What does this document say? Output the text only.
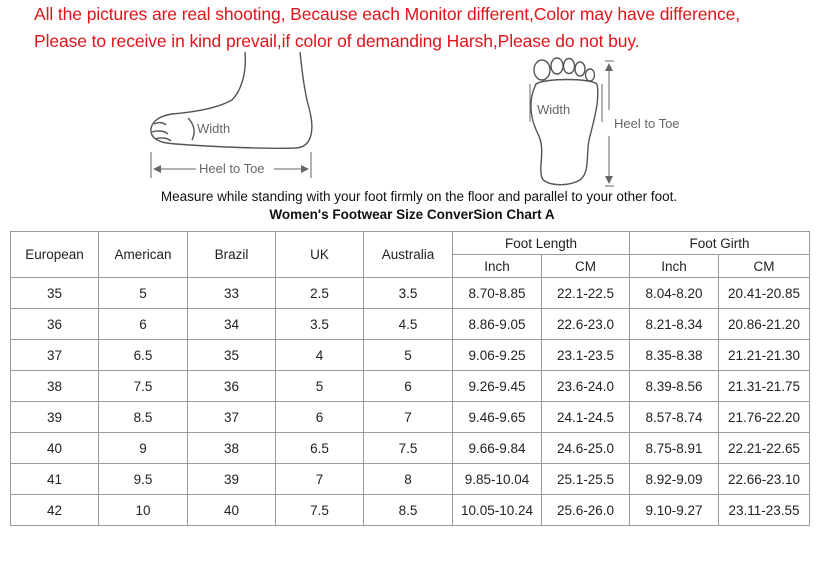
All the pictures are real shooting, Because each Monitor different,Color may have difference,
Please to receive in kind prevail,if color of demanding Harsh,Please do not buy.
Width
Heel to Toe
Width
Heel to Toe
Measure while standing with your foot firmly on the floor and parallel to your other foot.
Women's Footwear Size ConverSion Chart A
European	American	Brazil	UK	Australia	Foot Length		Foot Girth	
					Inch	CM	Inch	CM
35	5	33	2.5	3.5	8.70-8.85	22.1-22.5	8.04-8.20	20.41-20.85
36	6	34	3.5	4.5	8.86-9.05	22.6-23.0	8.21-8.34	20.86-21.20
37	6.5	35	4	5	9.06-9.25	23.1-23.5	8.35-8.38	21.21-21.30
38	7.5	36	5	6	9.26-9.45	23.6-24.0	8.39-8.56	21.31-21.75
39	8.5	37	6	7	9.46-9.65	24.1-24.5	8.57-8.74	21.76-22.20
40	9	38	6.5	7.5	9.66-9.84	24.6-25.0	8.75-8.91	22.21-22.65
41	9.5	39	7	8	9.85-10.04	25.1-25.5	8.92-9.09	22.66-23.10
42	10	40	7.5	8.5	10.05-10.24	25.6-26.0	9.10-9.27	23.11-23.55
